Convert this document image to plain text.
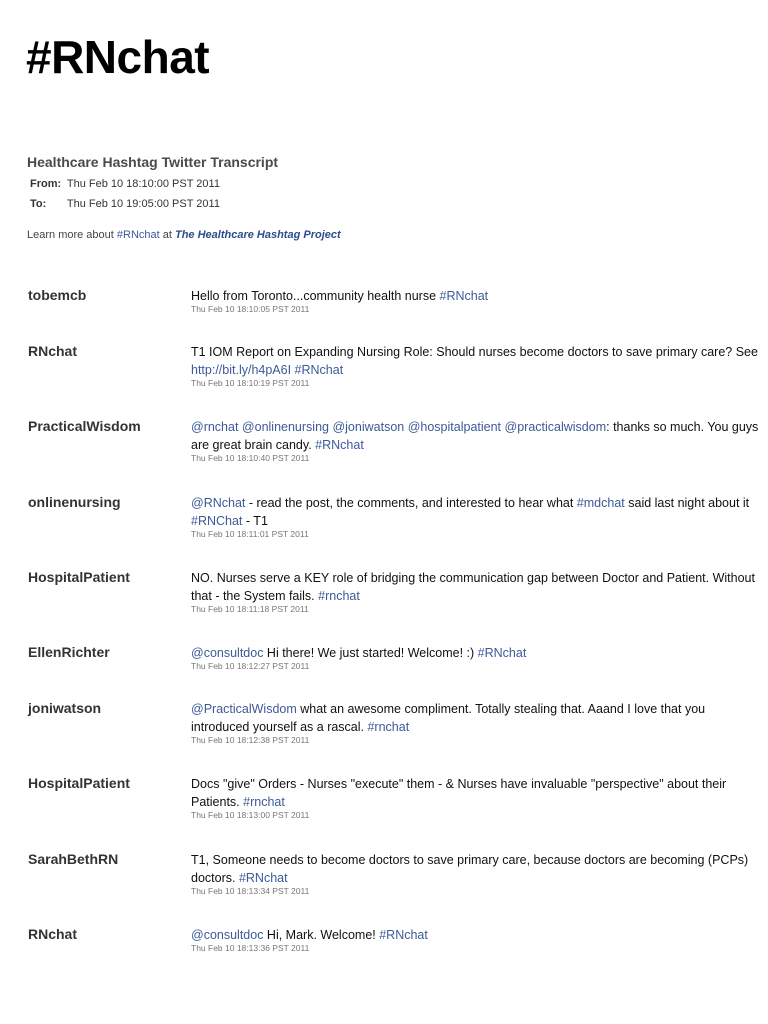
#RNchat
Healthcare Hashtag Twitter Transcript
From: Thu Feb 10 18:10:00 PST 2011
To: Thu Feb 10 19:05:00 PST 2011
Learn more about #RNchat at The Healthcare Hashtag Project
tobemcb	Hello from Toronto...community health nurse #RNchat
Thu Feb 10 18:10:05 PST 2011
RNchat	T1 IOM Report on Expanding Nursing Role: Should nurses become doctors to save primary care? See http://bit.ly/h4pA6I #RNchat
Thu Feb 10 18:10:19 PST 2011
PracticalWisdom	@rnchat @onlinenursing @joniwatson @hospitalpatient @practicalwisdom: thanks so much. You guys are great brain candy. #RNchat
Thu Feb 10 18:10:40 PST 2011
onlinenursing	@RNchat - read the post, the comments, and interested to hear what #mdchat said last night about it #RNChat - T1
Thu Feb 10 18:11:01 PST 2011
HospitalPatient	NO. Nurses serve a KEY role of bridging the communication gap between Doctor and Patient. Without that - the System fails. #rnchat
Thu Feb 10 18:11:18 PST 2011
EllenRichter	@consultdoc Hi there! We just started! Welcome! :) #RNchat
Thu Feb 10 18:12:27 PST 2011
joniwatson	@PracticalWisdom what an awesome compliment. Totally stealing that. Aaand I love that you introduced yourself as a rascal. #rnchat
Thu Feb 10 18:12:38 PST 2011
HospitalPatient	Docs "give" Orders - Nurses "execute" them - & Nurses have invaluable "perspective" about their Patients. #rnchat
Thu Feb 10 18:13:00 PST 2011
SarahBethRN	T1, Someone needs to become doctors to save primary care, because doctors are becoming (PCPs) doctors. #RNchat
Thu Feb 10 18:13:34 PST 2011
RNchat	@consultdoc Hi, Mark. Welcome! #RNchat
Thu Feb 10 18:13:36 PST 2011
